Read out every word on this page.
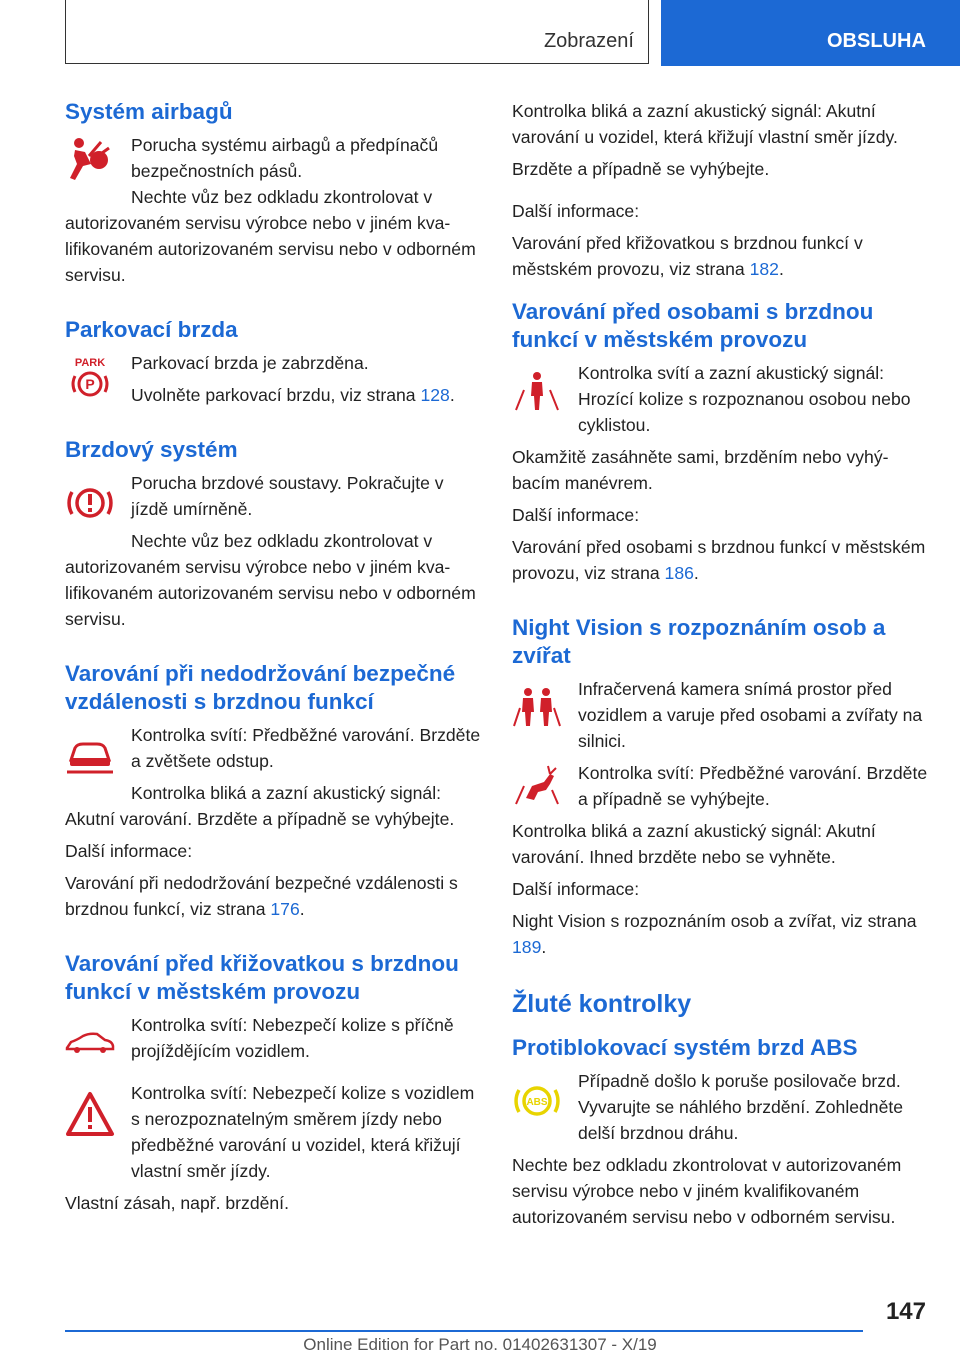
Zobrazení	OBSLUHA
Systém airbagů

Porucha systému airbagů a předpínačů bezpečnostních pásů.

Nechte vůz bez odkladu zkontrolovat v autorizovaném servisu výrobce nebo v jiném kvalifikovaném autorizovaném servisu nebo v odborném servisu.

Parkovací brzda
PARK
P

Parkovací brzda je zabrzděna.

Uvolněte parkovací brzdu, viz strana 128.

Brzdový systém

Porucha brzdové soustavy. Pokračujte v jízdě umírněně.

Nechte vůz bez odkladu zkontrolovat v autorizovaném servisu výrobce nebo v jiném kvalifikovaném autorizovaném servisu nebo v odborném servisu.

Varování při nedodržování bezpečné vzdálenosti s brzdnou funkcí

Kontrolka svítí: Předběžné varování. Brzděte a zvětšete odstup.

Kontrolka bliká a zazní akustický signál: Akutní varování. Brzděte a případně se vyhýbejte.

Další informace:

Varování při nedodržování bezpečné vzdálenosti s brzdnou funkcí, viz strana 176.

Varování před křižovatkou s brzdnou funkcí v městském provozu

Kontrolka svítí: Nebezpečí kolize s příčně projíždějícím vozidlem.

Kontrolka svítí: Nebezpečí kolize s vozidlem s nerozpoznatelným směrem jízdy nebo předběžné varování u vozidel, která křižují vlastní směr jízdy.

Vlastní zásah, např. brzdění.

Kontrolka bliká a zazní akustický signál: Akutní varování u vozidel, která křižují vlastní směr jízdy.

Brzděte a případně se vyhýbejte.

Další informace:

Varování před křižovatkou s brzdnou funkcí v městském provozu, viz strana 182.

Varování před osobami s brzdnou funkcí v městském provozu

Kontrolka svítí a zazní akustický signál: Hrozící kolize s rozpoznanou osobou nebo cyklistou.

Okamžitě zasáhněte sami, brzděním nebo vyhýbacím manévrem.

Další informace:

Varování před osobami s brzdnou funkcí v městském provozu, viz strana 186.

Night Vision s rozpoznáním osob a zvířat

Infračervená kamera snímá prostor před vozidlem a varuje před osobami a zvířaty na silnici.

Kontrolka svítí: Předběžné varování. Brzděte a případně se vyhýbejte.

Kontrolka bliká a zazní akustický signál: Akutní varování. Ihned brzděte nebo se vyhněte.

Další informace:

Night Vision s rozpoznáním osob a zvířat, viz strana 189.

Žluté kontrolky
Protiblokovací systém brzd ABS
ABS

Případně došlo k poruše posilovače brzd. Vyvarujte se náhlého brzdění. Zohledněte delší brzdnou dráhu.

Nechte bez odkladu zkontrolovat v autorizovaném servisu výrobce nebo v jiném kvalifikovaném autorizovaném servisu nebo v odborném servisu.

147
Online Edition for Part no. 01402631307 - X/19
